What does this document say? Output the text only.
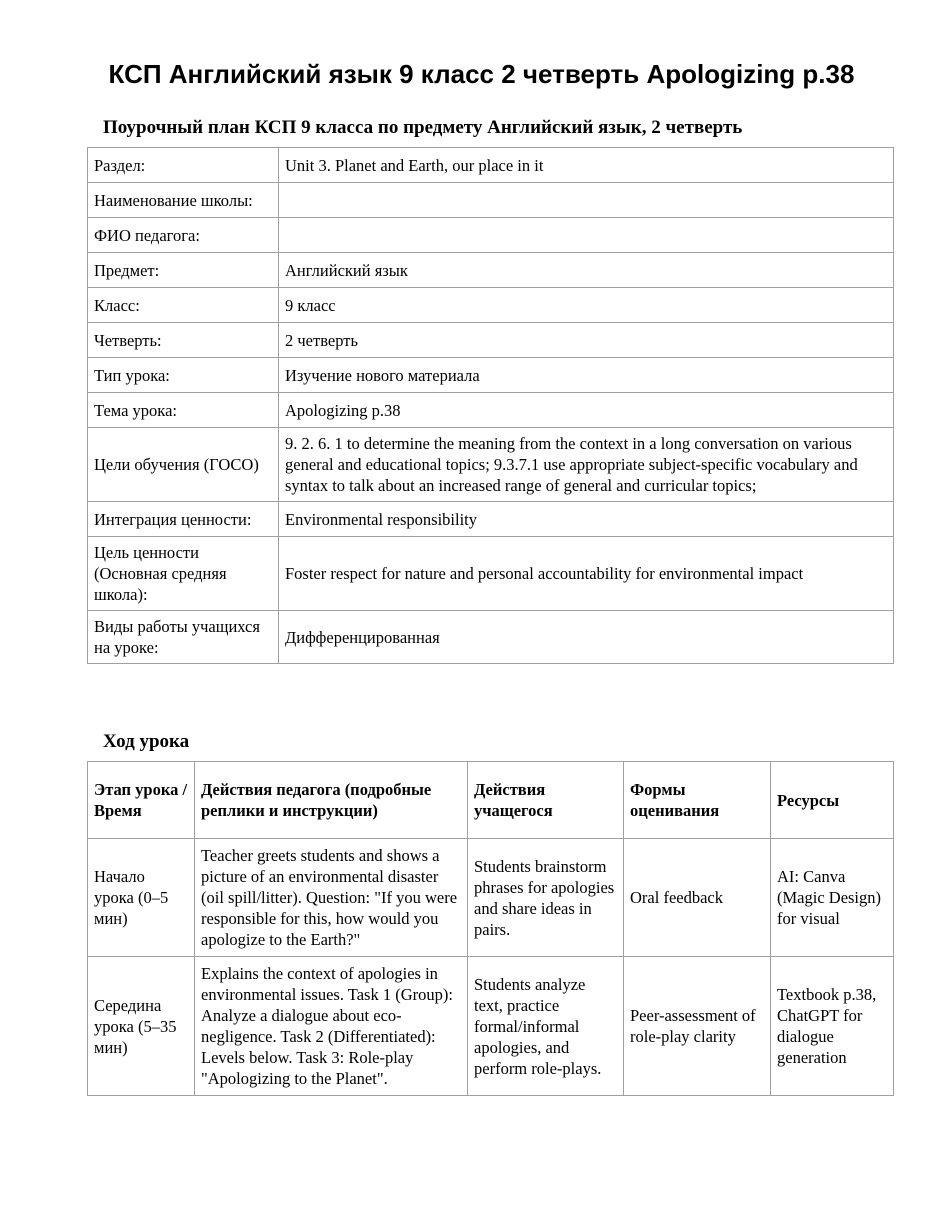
КСП Английский язык 9 класс 2 четверть Apologizing p.38
Поурочный план КСП 9 класса по предмету Английский язык, 2 четверть
Раздел:	Unit 3. Planet and Earth, our place in it
Наименование школы:	
ФИО педагога:	
Предмет:	Английский язык
Класс:	9 класс
Четверть:	2 четверть
Тип урока:	Изучение нового материала
Тема урока:	Apologizing p.38
Цели обучения (ГОСО)	9. 2. 6. 1 to determine the meaning from the context in a long conversation on various general and educational topics; 9.3.7.1 use appropriate subject-specific vocabulary and syntax to talk about an increased range of general and curricular topics;
Интеграция ценности:	Environmental responsibility
Цель ценности (Основная средняя школа):	Foster respect for nature and personal accountability for environmental impact
Виды работы учащихся на уроке:	Дифференцированная
Ход урока
Этап урока / Время	Действия педагога (подробные реплики и инструкции)	Действия учащегося	Формы оценивания	Ресурсы
Начало урока (0–5 мин)	Teacher greets students and shows a picture of an environmental disaster (oil spill/litter). Question: "If you were responsible for this, how would you apologize to the Earth?"	Students brainstorm phrases for apologies and share ideas in pairs.	Oral feedback	AI: Canva (Magic Design) for visual
Середина урока (5–35 мин)	Explains the context of apologies in environmental issues. Task 1 (Group): Analyze a dialogue about eco-negligence. Task 2 (Differentiated): Levels below. Task 3: Role-play "Apologizing to the Planet".	Students analyze text, practice formal/informal apologies, and perform role-plays.	Peer-assessment of role-play clarity	Textbook p.38, ChatGPT for dialogue generation
